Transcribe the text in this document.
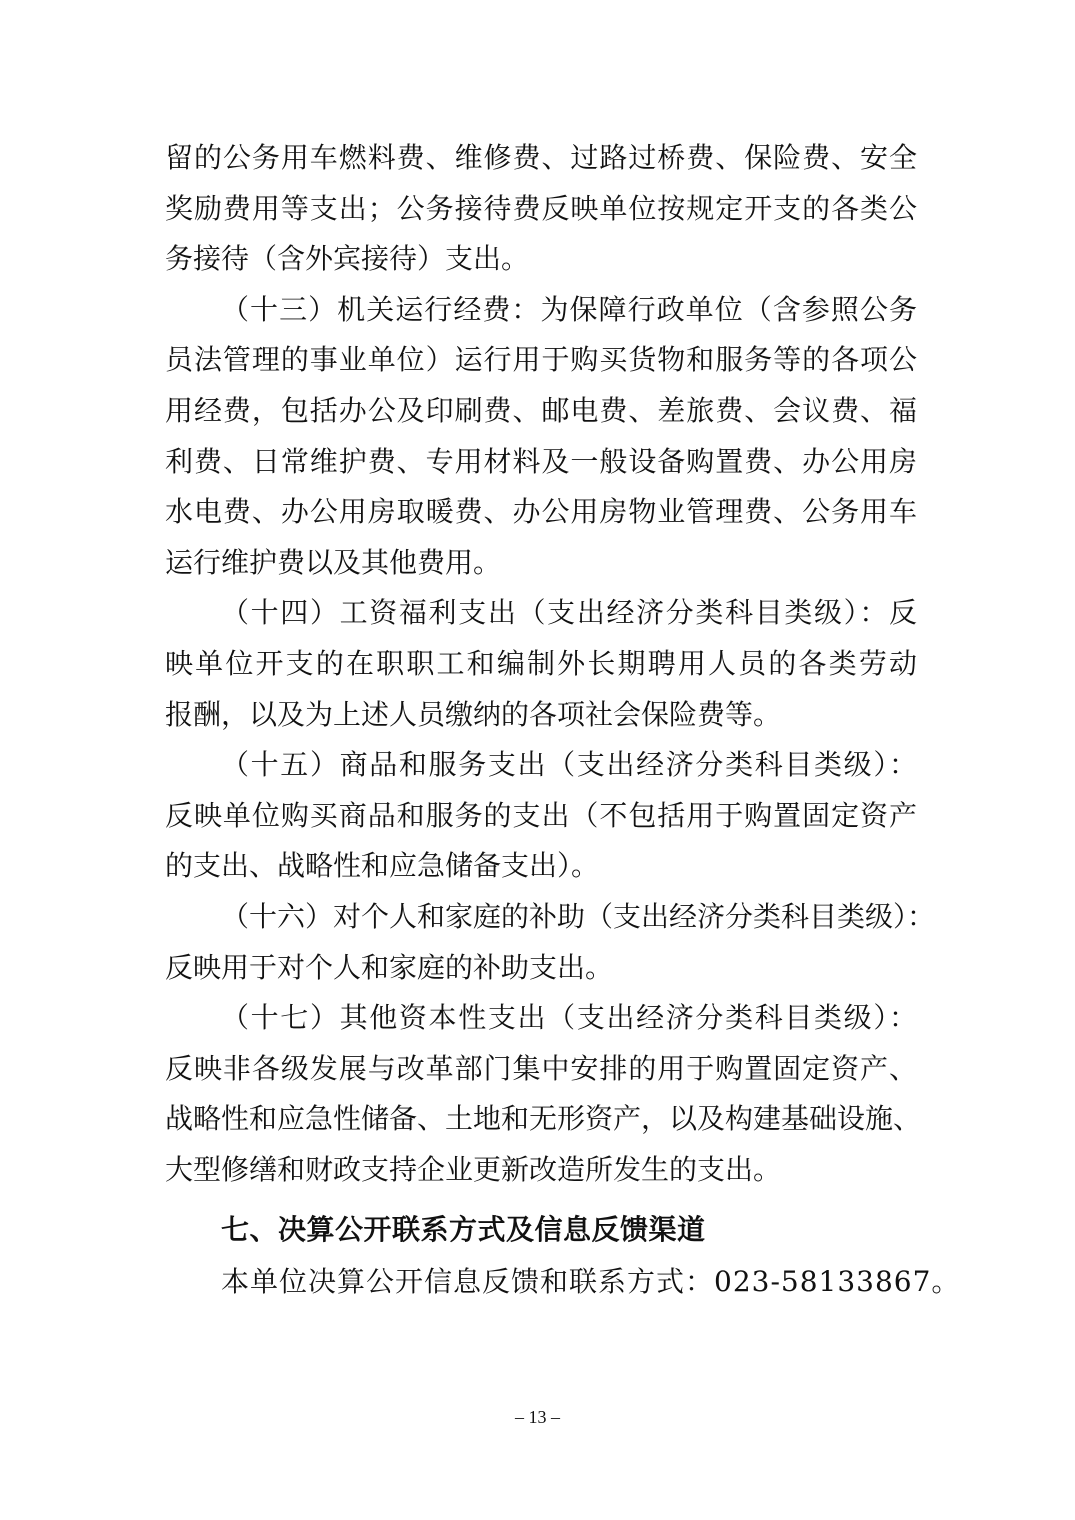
留的公务用车燃料费、维修费、过路过桥费、保险费、安全
奖励费用等支出；公务接待费反映单位按规定开支的各类公
务接待（含外宾接待）支出。
（十三）机关运行经费：为保障行政单位（含参照公务
员法管理的事业单位）运行用于购买货物和服务等的各项公
用经费，包括办公及印刷费、邮电费、差旅费、会议费、福
利费、日常维护费、专用材料及一般设备购置费、办公用房
水电费、办公用房取暖费、办公用房物业管理费、公务用车
运行维护费以及其他费用。
（十四）工资福利支出（支出经济分类科目类级）：反
映单位开支的在职职工和编制外长期聘用人员的各类劳动
报酬，以及为上述人员缴纳的各项社会保险费等。
（十五）商品和服务支出（支出经济分类科目类级）：
反映单位购买商品和服务的支出（不包括用于购置固定资产
的支出、战略性和应急储备支出）。
（十六）对个人和家庭的补助（支出经济分类科目类级）：
反映用于对个人和家庭的补助支出。
（十七）其他资本性支出（支出经济分类科目类级）：
反映非各级发展与改革部门集中安排的用于购置固定资产、
战略性和应急性储备、土地和无形资产，以及构建基础设施、
大型修缮和财政支持企业更新改造所发生的支出。
七、决算公开联系方式及信息反馈渠道
本单位决算公开信息反馈和联系方式：023-58133867。
– 13 –
